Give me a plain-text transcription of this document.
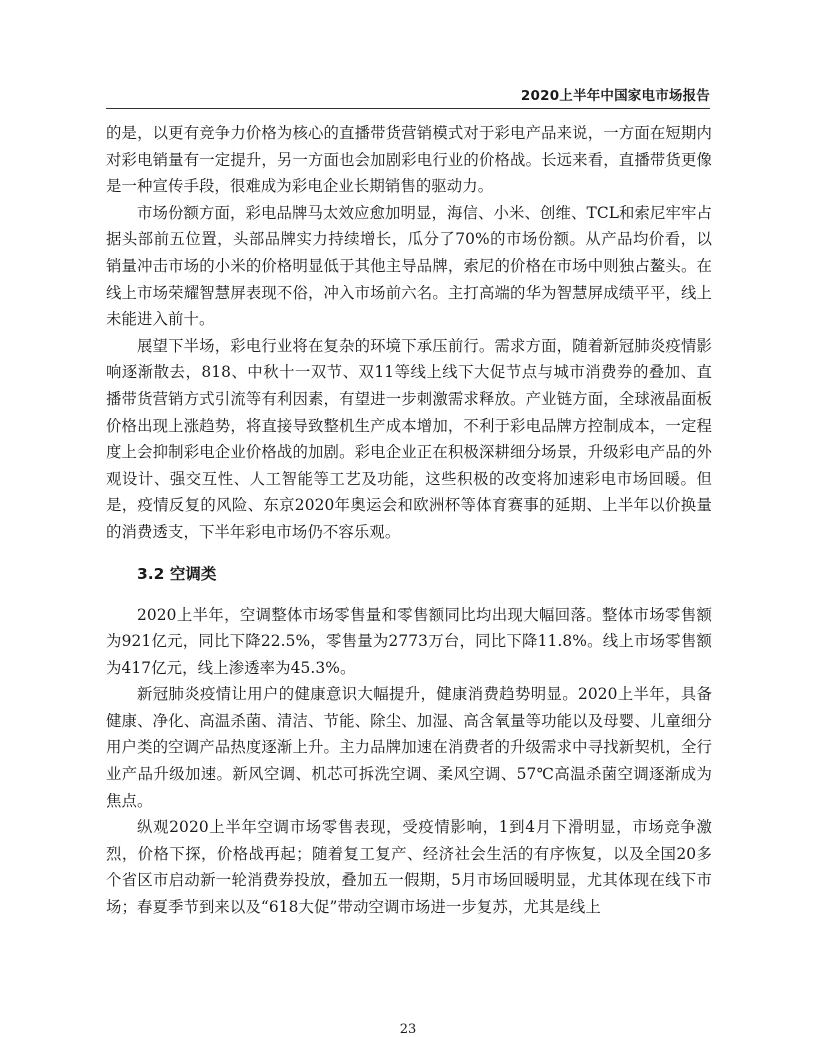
2020上半年中国家电市场报告

的是，以更有竞争力价格为核心的直播带货营销模式对于彩电产品来说，一方面在短期内对彩电销量有一定提升，另一方面也会加剧彩电行业的价格战。长远来看，直播带货更像是一种宣传手段，很难成为彩电企业长期销售的驱动力。

市场份额方面，彩电品牌马太效应愈加明显，海信、小米、创维、TCL和索尼牢牢占据头部前五位置，头部品牌实力持续增长，瓜分了70%的市场份额。从产品均价看，以销量冲击市场的小米的价格明显低于其他主导品牌，索尼的价格在市场中则独占鳌头。在线上市场荣耀智慧屏表现不俗，冲入市场前六名。主打高端的华为智慧屏成绩平平，线上未能进入前十。

展望下半场，彩电行业将在复杂的环境下承压前行。需求方面，随着新冠肺炎疫情影响逐渐散去，818、中秋十一双节、双11等线上线下大促节点与城市消费券的叠加、直播带货营销方式引流等有利因素，有望进一步刺激需求释放。产业链方面，全球液晶面板价格出现上涨趋势，将直接导致整机生产成本增加，不利于彩电品牌方控制成本，一定程度上会抑制彩电企业价格战的加剧。彩电企业正在积极深耕细分场景，升级彩电产品的外观设计、强交互性、人工智能等工艺及功能，这些积极的改变将加速彩电市场回暖。但是，疫情反复的风险、东京2020年奥运会和欧洲杯等体育赛事的延期、上半年以价换量的消费透支，下半年彩电市场仍不容乐观。

3.2 空调类

2020上半年，空调整体市场零售量和零售额同比均出现大幅回落。整体市场零售额为921亿元，同比下降22.5%，零售量为2773万台，同比下降11.8%。线上市场零售额为417亿元，线上渗透率为45.3%。

新冠肺炎疫情让用户的健康意识大幅提升，健康消费趋势明显。2020上半年，具备健康、净化、高温杀菌、清洁、节能、除尘、加湿、高含氧量等功能以及母婴、儿童细分用户类的空调产品热度逐渐上升。主力品牌加速在消费者的升级需求中寻找新契机，全行业产品升级加速。新风空调、机芯可拆洗空调、柔风空调、57℃高温杀菌空调逐渐成为焦点。

纵观2020上半年空调市场零售表现，受疫情影响，1到4月下滑明显，市场竞争激烈，价格下探，价格战再起；随着复工复产、经济社会生活的有序恢复，以及全国20多个省区市启动新一轮消费券投放，叠加五一假期，5月市场回暖明显，尤其体现在线下市场；春夏季节到来以及“618大促”带动空调市场进一步复苏，尤其是线上

23
